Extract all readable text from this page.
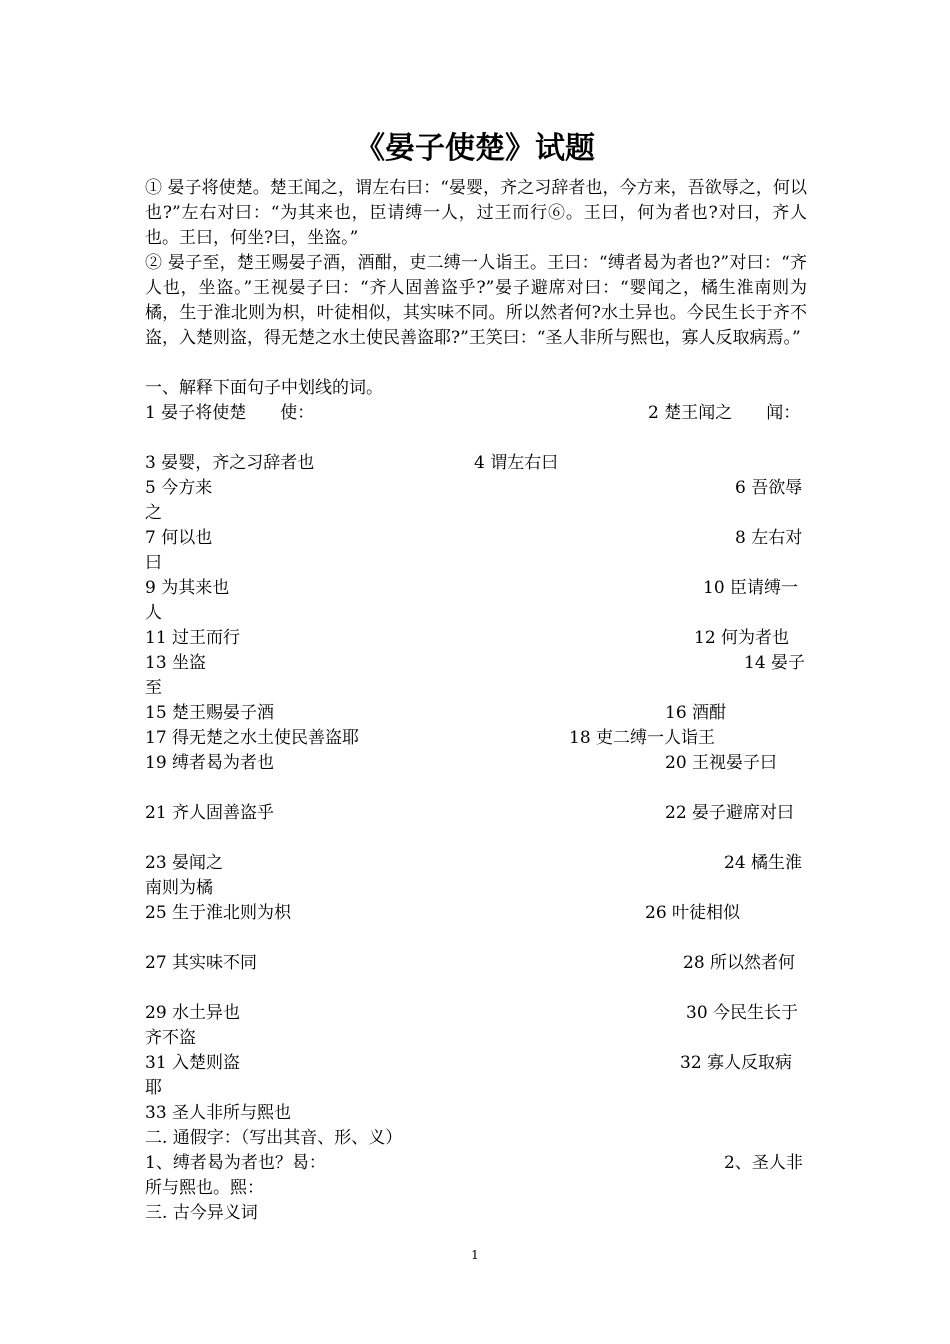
《晏子使楚》试题

① 晏子将使楚。楚王闻之，谓左右曰：“晏婴，齐之习辞者也，今方来，吾欲辱之，何以也?”左右对曰：“为其来也，臣请缚一人，过王而行⑥。王曰，何为者也?对曰，齐人也。王曰，何坐?曰，坐盗。”

② 晏子至，楚王赐晏子酒，酒酣，吏二缚一人诣王。王曰：“缚者曷为者也?”对曰：“齐人也，坐盗。”王视晏子曰：“齐人固善盗乎?”晏子避席对曰：“婴闻之，橘生淮南则为橘，生于淮北则为枳，叶徒相似，其实味不同。所以然者何?水土异也。今民生长于齐不盗，入楚则盗，得无楚之水土使民善盗耶?”王笑曰：“圣人非所与熙也，寡人反取病焉。”

一、解释下面句子中划线的词。
1 晏子将使楚　　使：	2 楚王闻之　　闻：
3 晏婴，齐之习辞者也	4 谓左右曰
5 今方来	6 吾欲辱
之
7 何以也	8 左右对
曰
9 为其来也	10 臣请缚一
人
11 过王而行	12 何为者也
13 坐盗	14 晏子
至
15 楚王赐晏子酒	16 酒酣
17 得无楚之水土使民善盗耶	18 吏二缚一人诣王
19 缚者曷为者也	20 王视晏子曰
21 齐人固善盗乎	22 晏子避席对曰
23 晏闻之	24 橘生淮
南则为橘
25 生于淮北则为枳	26 叶徒相似
27 其实味不同	28 所以然者何
29 水土异也	30 今民生长于
齐不盗
31 入楚则盗	32 寡人反取病
耶
33 圣人非所与熙也
二. 通假字：（写出其音、形、义）
1、缚者曷为者也？曷：	2、圣人非
所与熙也。熙：
三. 古今异义词
1
